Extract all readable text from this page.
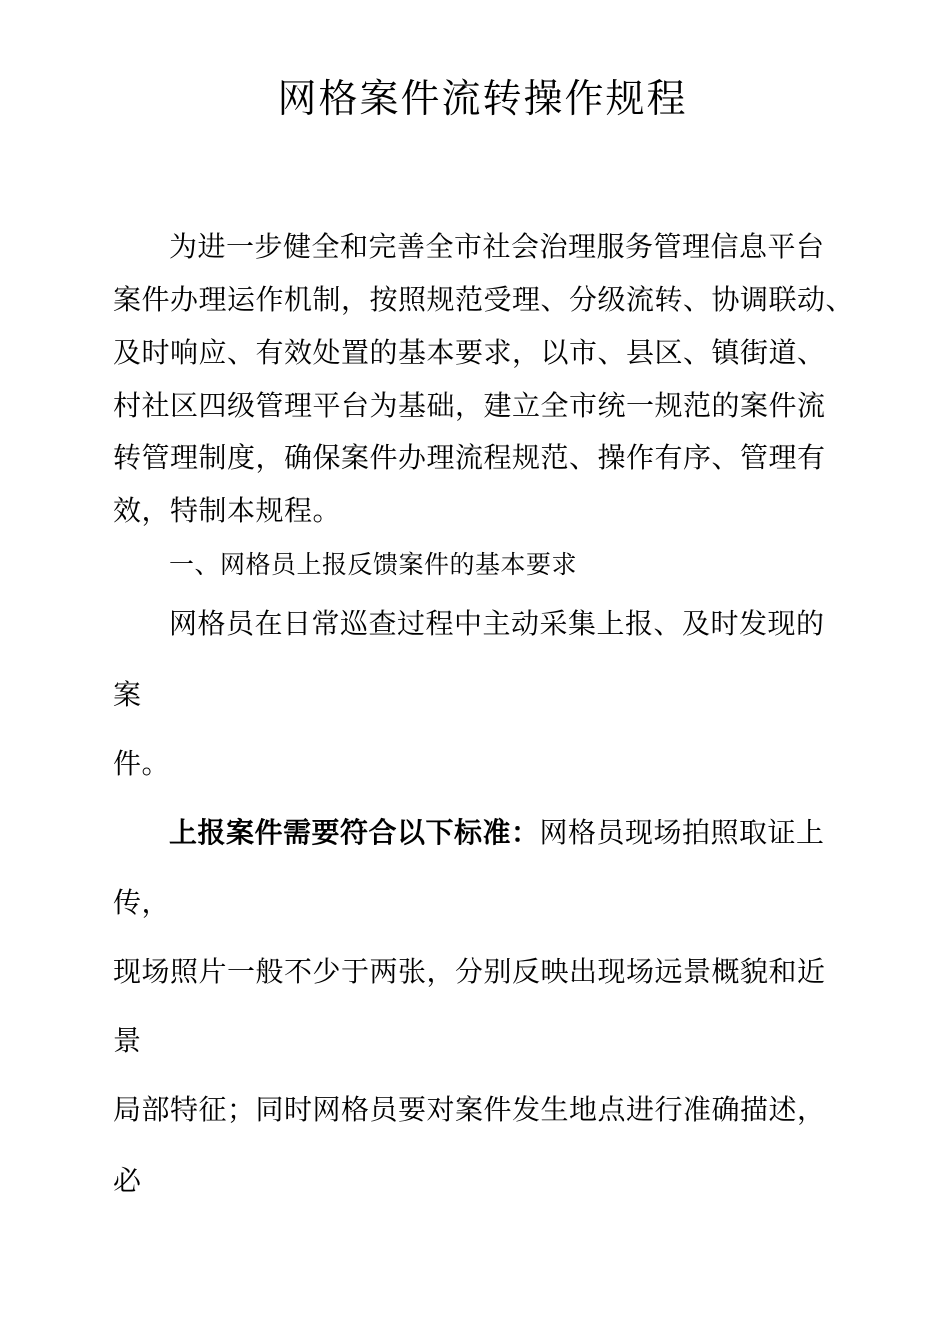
网格案件流转操作规程
为进一步健全和完善全市社会治理服务管理信息平台
案件办理运作机制，按照规范受理、分级流转、协调联动、
及时响应、有效处置的基本要求，以市、县区、镇街道、
村社区四级管理平台为基础，建立全市统一规范的案件流
转管理制度，确保案件办理流程规范、操作有序、管理有
效，特制本规程。
一、网格员上报反馈案件的基本要求
网格员在日常巡查过程中主动采集上报、及时发现的
案
件。
上报案件需要符合以下标准：网格员现场拍照取证上
传，
现场照片一般不少于两张，分别反映出现场远景概貌和近
景
局部特征；同时网格员要对案件发生地点进行准确描述，
必
